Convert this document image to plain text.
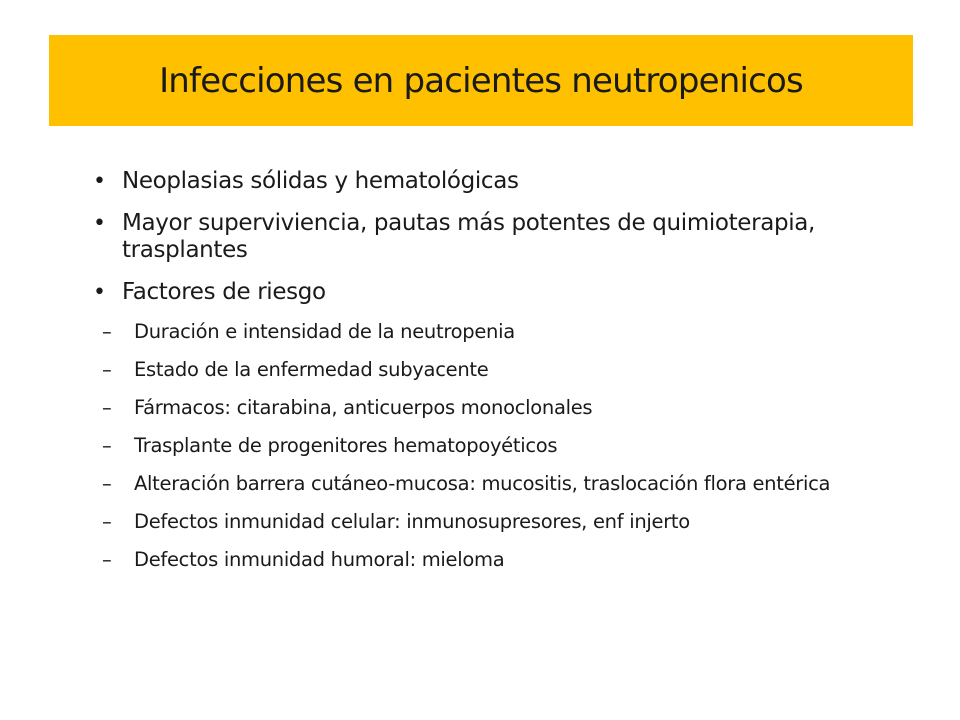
Infecciones en pacientes neutropenicos
• Neoplasias sólidas y hematológicas
• Mayor superviviencia, pautas más potentes de quimioterapia, trasplantes
• Factores de riesgo
–	Duración e intensidad de la neutropenia
–	Estado de la enfermedad subyacente
–	Fármacos: citarabina, anticuerpos monoclonales
–	Trasplante de progenitores hematopoyéticos
–	Alteración barrera cutáneo-mucosa: mucositis, traslocación flora entérica
–	Defectos inmunidad celular: inmunosupresores, enf injerto
–	Defectos inmunidad humoral: mieloma
